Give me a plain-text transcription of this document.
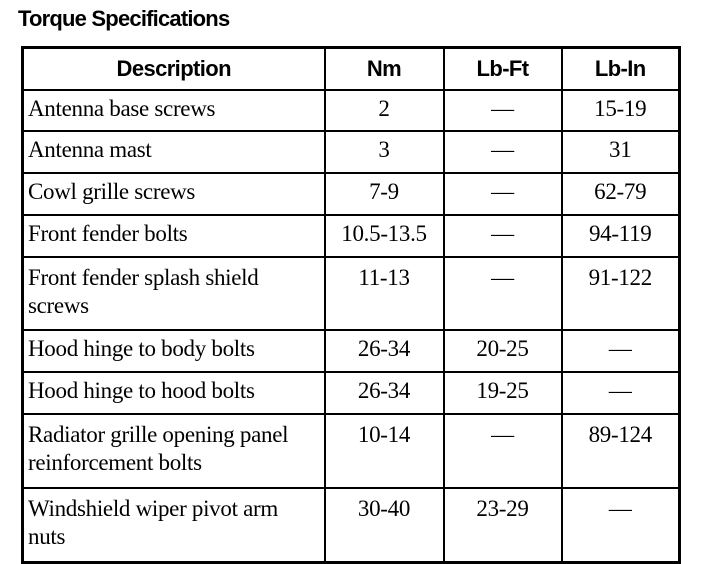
Torque Specifications
Description	Nm	Lb-Ft	Lb-In
Antenna base screws	2	—	15-19
Antenna mast	3	—	31
Cowl grille screws	7-9	—	62-79
Front fender bolts	10.5-13.5	—	94-119
Front fender splash shield screws	11-13	—	91-122
Hood hinge to body bolts	26-34	20-25	—
Hood hinge to hood bolts	26-34	19-25	—
Radiator grille opening panel reinforcement bolts	10-14	—	89-124
Windshield wiper pivot arm nuts	30-40	23-29	—
